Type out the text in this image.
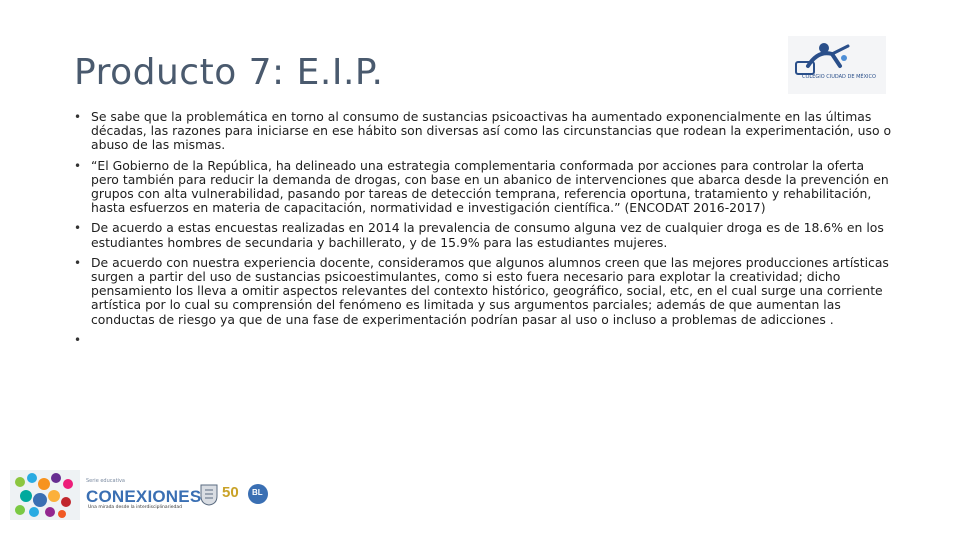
Producto 7: E.I.P.	COLEGIO CIUDAD DE MÉXICO
• Se sabe que la problemática en torno al consumo de sustancias psicoactivas ha aumentado exponencialmente en las últimas décadas, las razones para iniciarse en ese hábito son diversas así como las circunstancias que rodean la experimentación, uso o abuso de las mismas.
• “El Gobierno de la República, ha delineado una estrategia complementaria conformada por acciones para controlar la oferta pero también para reducir la demanda de drogas, con base en un abanico de intervenciones que abarca desde la prevención en grupos con alta vulnerabilidad, pasando por tareas de detección temprana, referencia oportuna, tratamiento y rehabilitación, hasta esfuerzos en materia de capacitación, normatividad e investigación científica.” (ENCODAT 2016-2017)
• De acuerdo a estas encuestas realizadas en 2014 la prevalencia de consumo alguna vez de cualquier droga es de 18.6% en los estudiantes hombres de secundaria y bachillerato, y de 15.9% para las estudiantes mujeres.
• De acuerdo con nuestra experiencia docente, consideramos que algunos alumnos creen que las mejores producciones artísticas surgen a partir del uso de sustancias psicoestimulantes, como si esto fuera necesario para explotar la creatividad; dicho pensamiento los lleva a omitir aspectos relevantes del contexto histórico, geográfico, social, etc, en el cual surge una corriente artística por lo cual su comprensión del fenómeno es limitada y sus argumentos parciales; además de que aumentan las conductas de riesgo ya que de una fase de experimentación podrían pasar al uso o incluso a problemas de adicciones .
•
Serie educativa
CONEXIONES
Una mirada desde la interdisciplinariedad
50 BL
